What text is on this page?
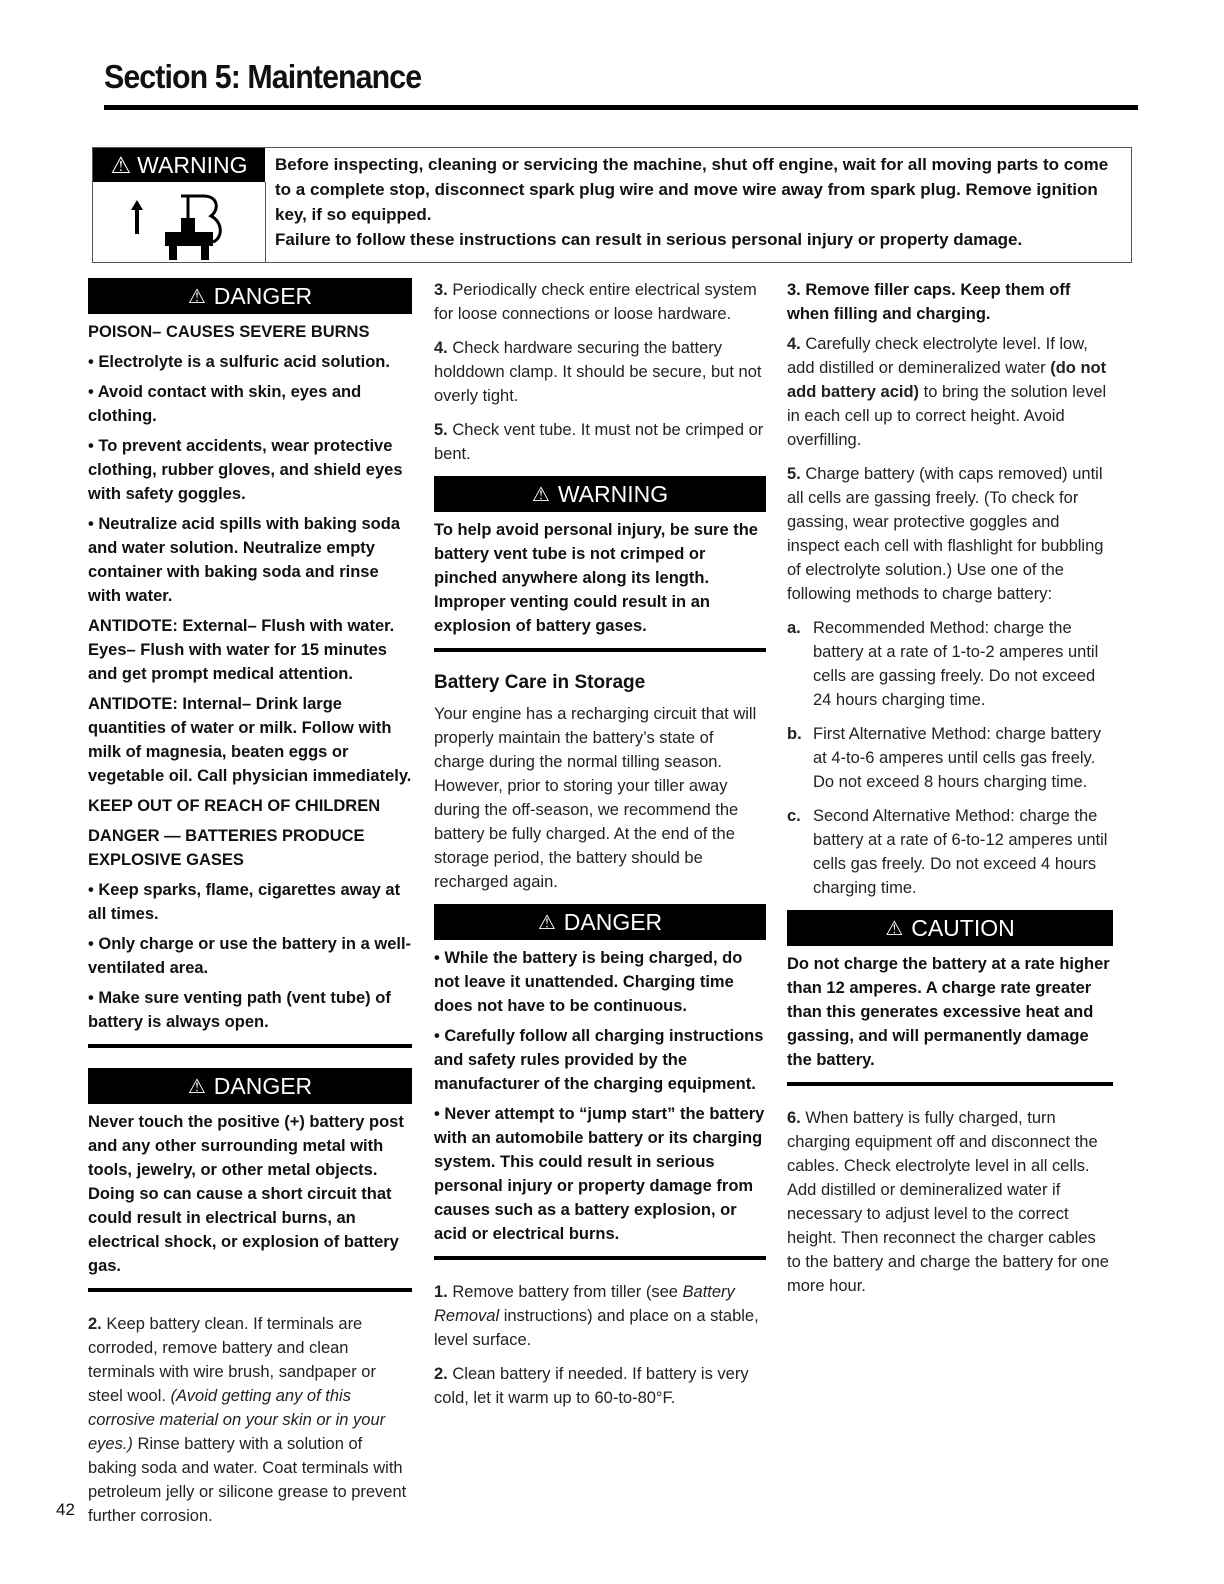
Section 5: Maintenance
⚠ WARNING Before inspecting, cleaning or servicing the machine, shut off engine, wait for all moving parts to come to a complete stop, disconnect spark plug wire and move wire away from spark plug. Remove ignition key, if so equipped.

Failure to follow these instructions can result in serious personal injury or property damage.

⚠ DANGER

POISON– CAUSES SEVERE BURNS

• Electrolyte is a sulfuric acid solution.

• Avoid contact with skin, eyes and clothing.

• To prevent accidents, wear protective clothing, rubber gloves, and shield eyes with safety goggles.

• Neutralize acid spills with baking soda and water solution. Neutralize empty container with baking soda and rinse with water.

ANTIDOTE: External– Flush with water. Eyes– Flush with water for 15 minutes and get prompt medical attention.

ANTIDOTE: Internal– Drink large quantities of water or milk. Follow with milk of magnesia, beaten eggs or vegetable oil. Call physician immediately.

KEEP OUT OF REACH OF CHILDREN

DANGER — BATTERIES PRODUCE EXPLOSIVE GASES

• Keep sparks, flame, cigarettes away at all times.

• Only charge or use the battery in a well-ventilated area.

• Make sure venting path (vent tube) of battery is always open.

⚠ DANGER

Never touch the positive (+) battery post and any other surrounding metal with tools, jewelry, or other metal objects. Doing so can cause a short circuit that could result in electrical burns, an electrical shock, or explosion of battery gas.

2. Keep battery clean. If terminals are corroded, remove battery and clean terminals with wire brush, sandpaper or steel wool. (Avoid getting any of this corrosive material on your skin or in your eyes.) Rinse battery with a solution of baking soda and water. Coat terminals with petroleum jelly or silicone grease to prevent further corrosion.

3. Periodically check entire electrical system for loose connections or loose hardware.

4. Check hardware securing the battery holddown clamp. It should be secure, but not overly tight.

5. Check vent tube. It must not be crimped or bent.

⚠ WARNING

To help avoid personal injury, be sure the battery vent tube is not crimped or pinched anywhere along its length. Improper venting could result in an explosion of battery gases.

Battery Care in Storage

Your engine has a recharging circuit that will properly maintain the battery’s state of charge during the normal tilling season. However, prior to storing your tiller away during the off-season, we recommend the battery be fully charged. At the end of the storage period, the battery should be recharged again.

⚠ DANGER

• While the battery is being charged, do not leave it unattended. Charging time does not have to be continuous.

• Carefully follow all charging instructions and safety rules provided by the manufacturer of the charging equipment.

• Never attempt to “jump start” the battery with an automobile battery or its charging system. This could result in serious personal injury or property damage from causes such as a battery explosion, or acid or electrical burns.

1. Remove battery from tiller (see Battery Removal instructions) and place on a stable, level surface.

2. Clean battery if needed. If battery is very cold, let it warm up to 60-to-80°F.

3. Remove filler caps. Keep them off when filling and charging.

4. Carefully check electrolyte level. If low, add distilled or demineralized water (do not add battery acid) to bring the solution level in each cell up to correct height. Avoid overfilling.

5. Charge battery (with caps removed) until all cells are gassing freely. (To check for gassing, wear protective goggles and inspect each cell with flashlight for bubbling of electrolyte solution.) Use one of the following methods to charge battery:

a. Recommended Method: charge the battery at a rate of 1-to-2 amperes until cells are gassing freely. Do not exceed 24 hours charging time.
b. First Alternative Method: charge battery at 4-to-6 amperes until cells gas freely. Do not exceed 8 hours charging time.
c. Second Alternative Method: charge the battery at a rate of 6-to-12 amperes until cells gas freely. Do not exceed 4 hours charging time.
⚠ CAUTION

Do not charge the battery at a rate higher than 12 amperes. A charge rate greater than this generates excessive heat and gassing, and will permanently damage the battery.

6. When battery is fully charged, turn charging equipment off and disconnect the cables. Check electrolyte level in all cells. Add distilled or demineralized water if necessary to adjust level to the correct height. Then reconnect the charger cables to the battery and charge the battery for one more hour.

42
